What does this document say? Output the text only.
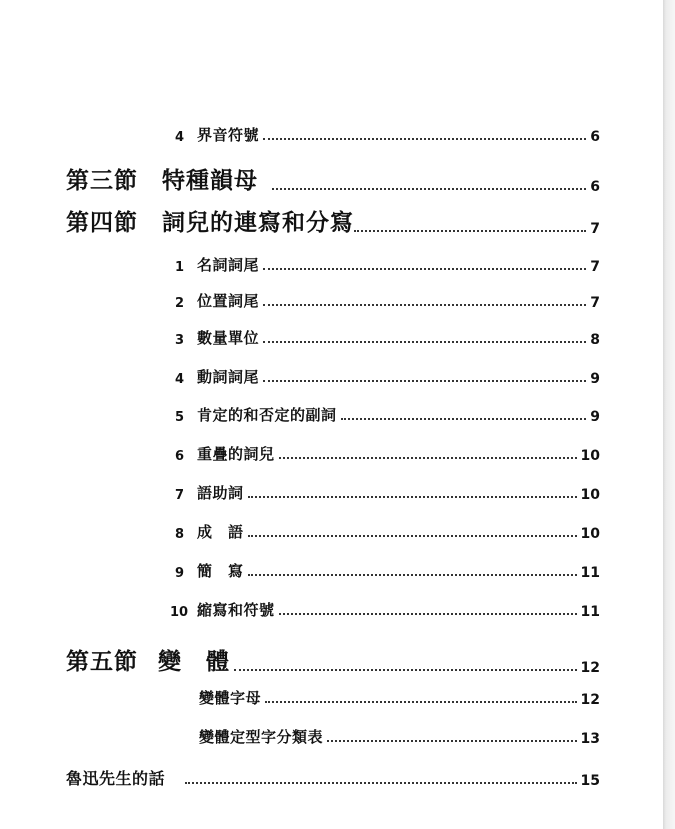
4 界音符號	6
第三節 特種韻母	6
第四節 詞兒的連寫和分寫	7
1 名詞詞尾	7
2 位置詞尾	7
3 數量單位	8
4 動詞詞尾	9
5 肯定的和否定的副詞	9
6 重疊的詞兒	10
7 語助詞	10
8 成　語	10
9 簡　寫	11
10 縮寫和符號	11
第五節 變　體	12
變體字母	12
變體定型字分類表	13
魯迅先生的話	15
